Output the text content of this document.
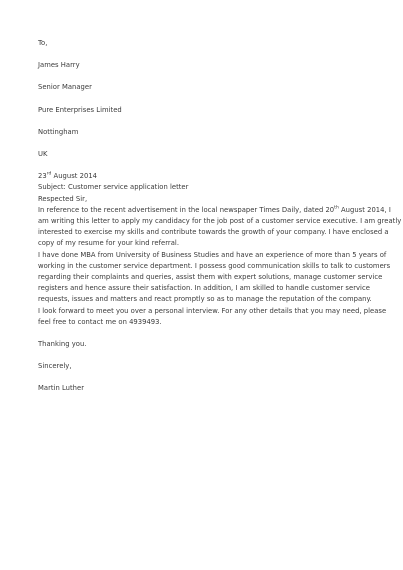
To,
James Harry
Senior Manager
Pure Enterprises Limited
Nottingham
UK
23rd August 2014
Subject: Customer service application letter
Respected Sir,
In reference to the recent advertisement in the local newspaper Times Daily, dated 20th August 2014, I
am writing this letter to apply my candidacy for the job post of a customer service executive. I am greatly
interested to exercise my skills and contribute towards the growth of your company. I have enclosed a
copy of my resume for your kind referral.
I have done MBA from University of Business Studies and have an experience of more than 5 years of
working in the customer service department. I possess good communication skills to talk to customers
regarding their complaints and queries, assist them with expert solutions, manage customer service
registers and hence assure their satisfaction. In addition, I am skilled to handle customer service
requests, issues and matters and react promptly so as to manage the reputation of the company.
I look forward to meet you over a personal interview. For any other details that you may need, please
feel free to contact me on 4939493.
Thanking you.
Sincerely,
Martin Luther
